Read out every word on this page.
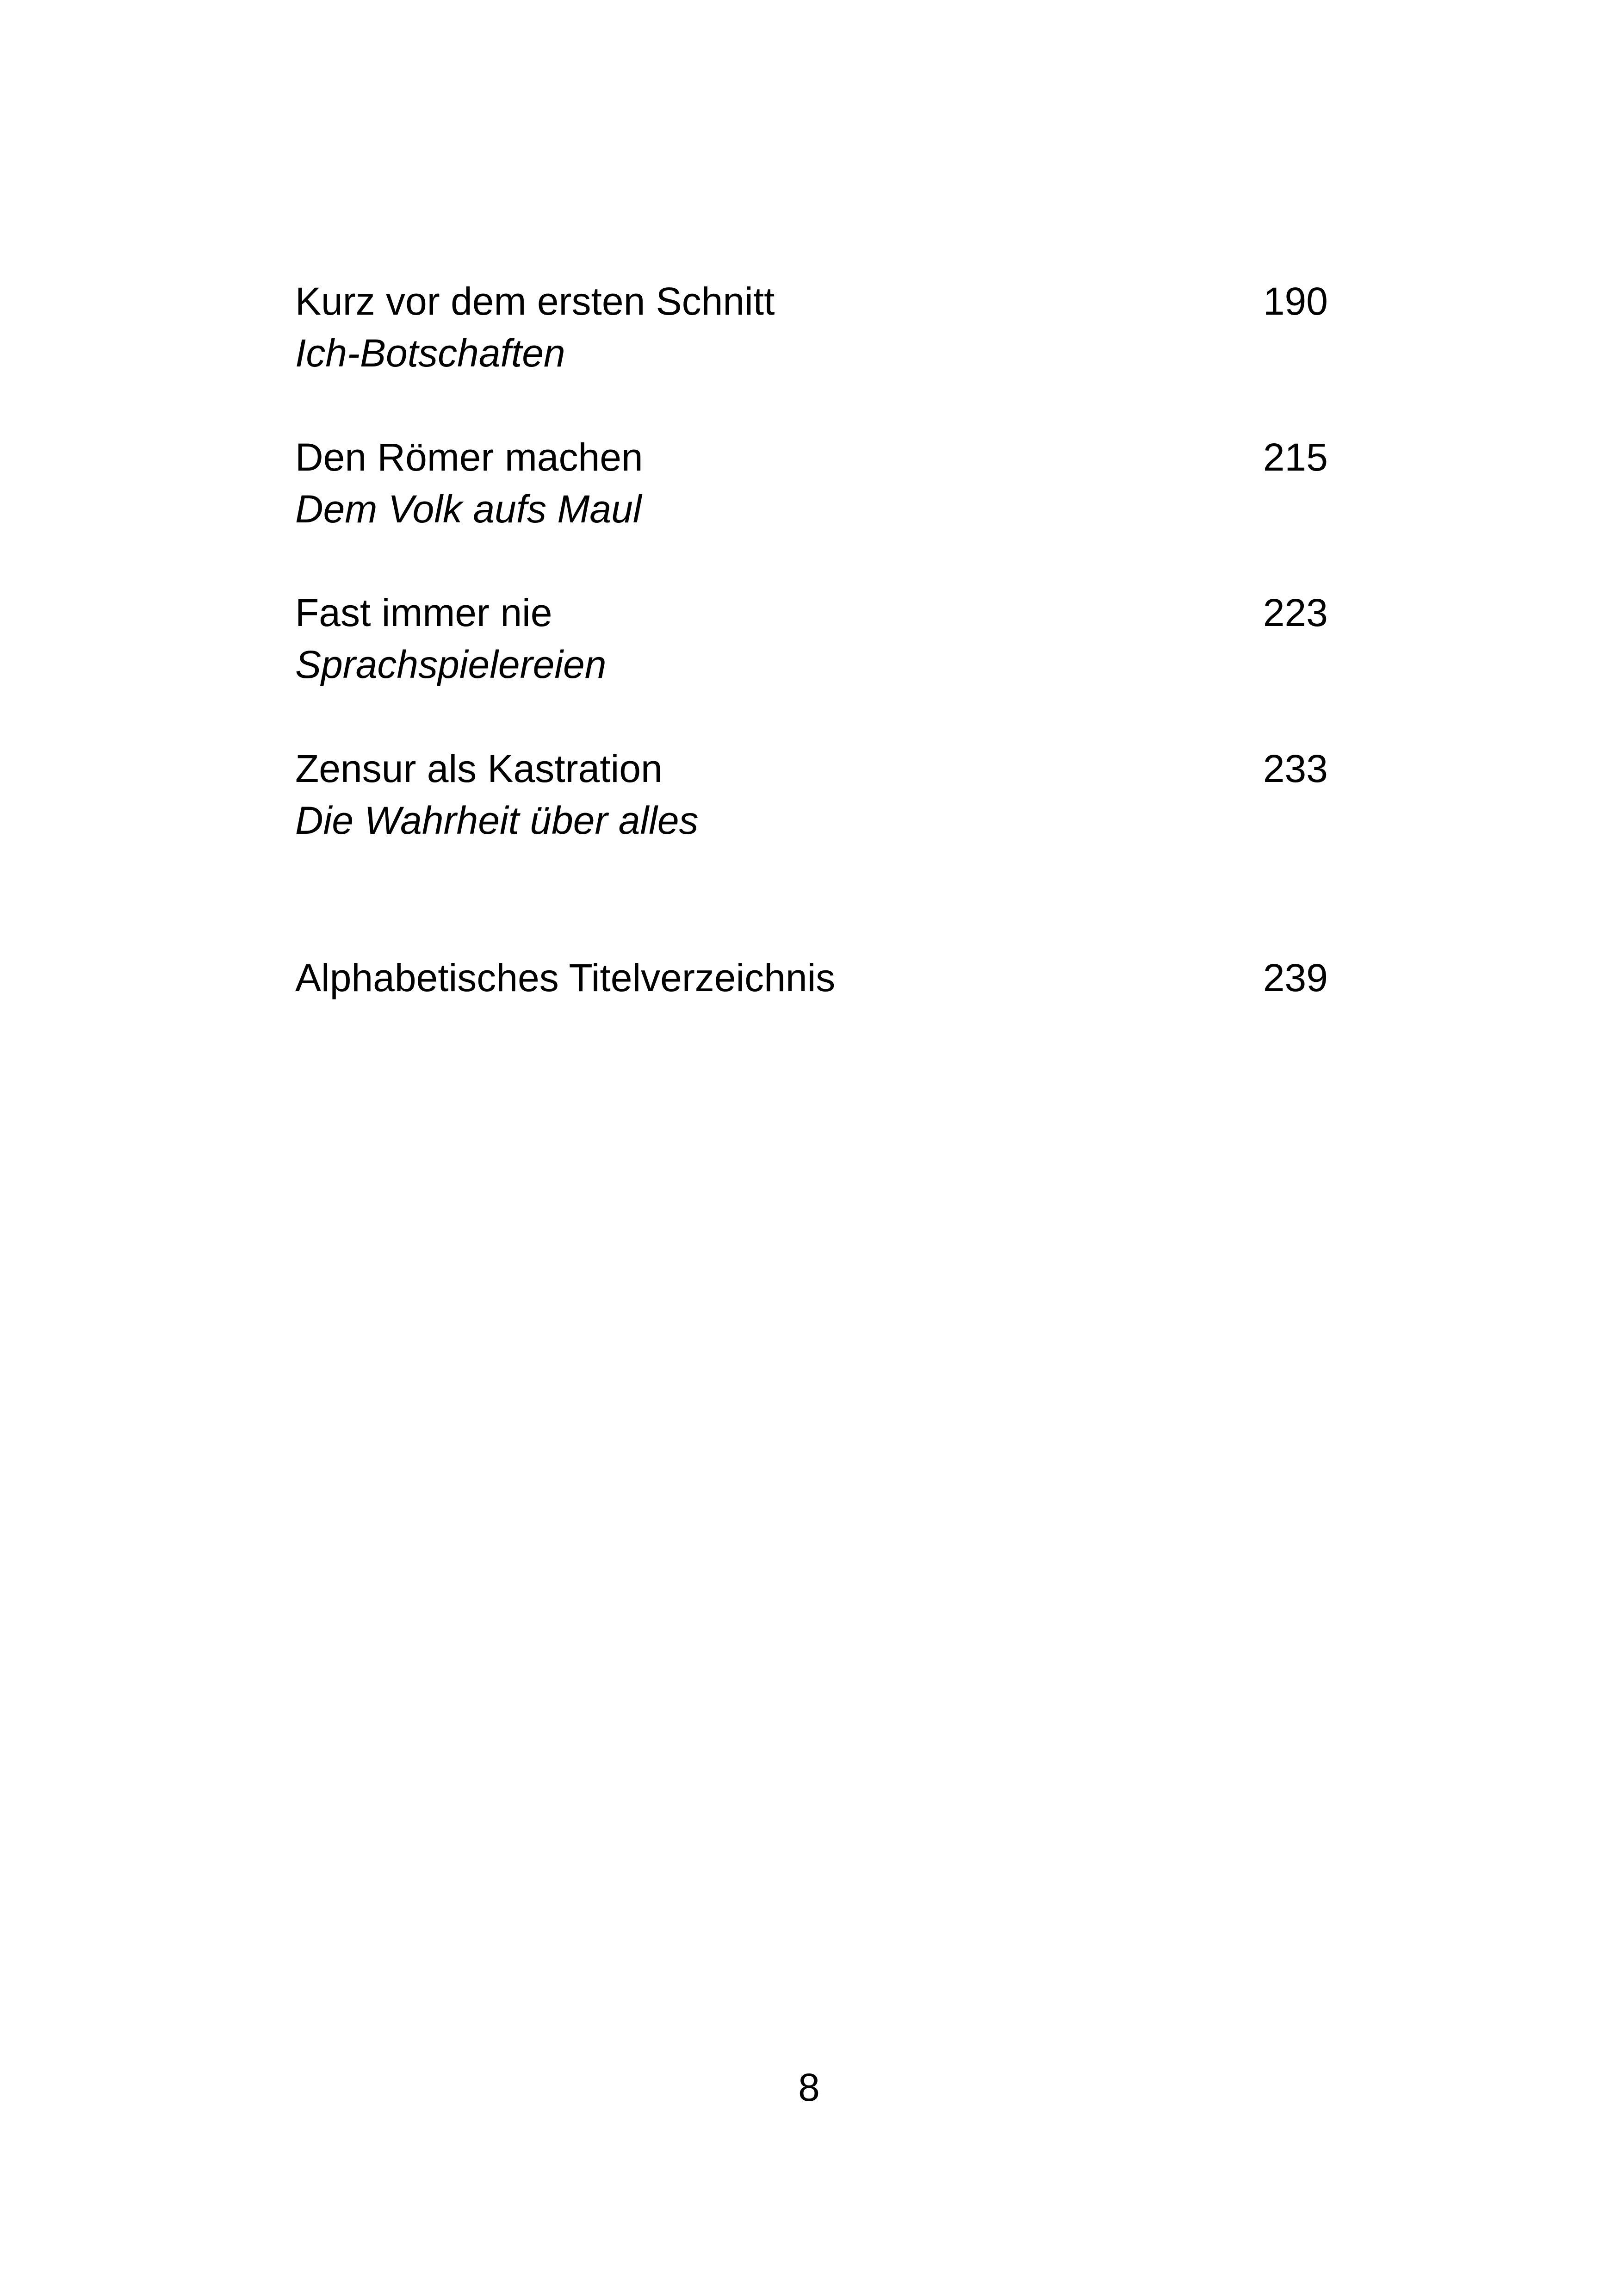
Kurz vor dem ersten Schnitt	190
Ich-Botschaften
Den Römer machen	215
Dem Volk aufs Maul
Fast immer nie	223
Sprachspielereien
Zensur als Kastration	233
Die Wahrheit über alles
Alphabetisches Titelverzeichnis	239
8
